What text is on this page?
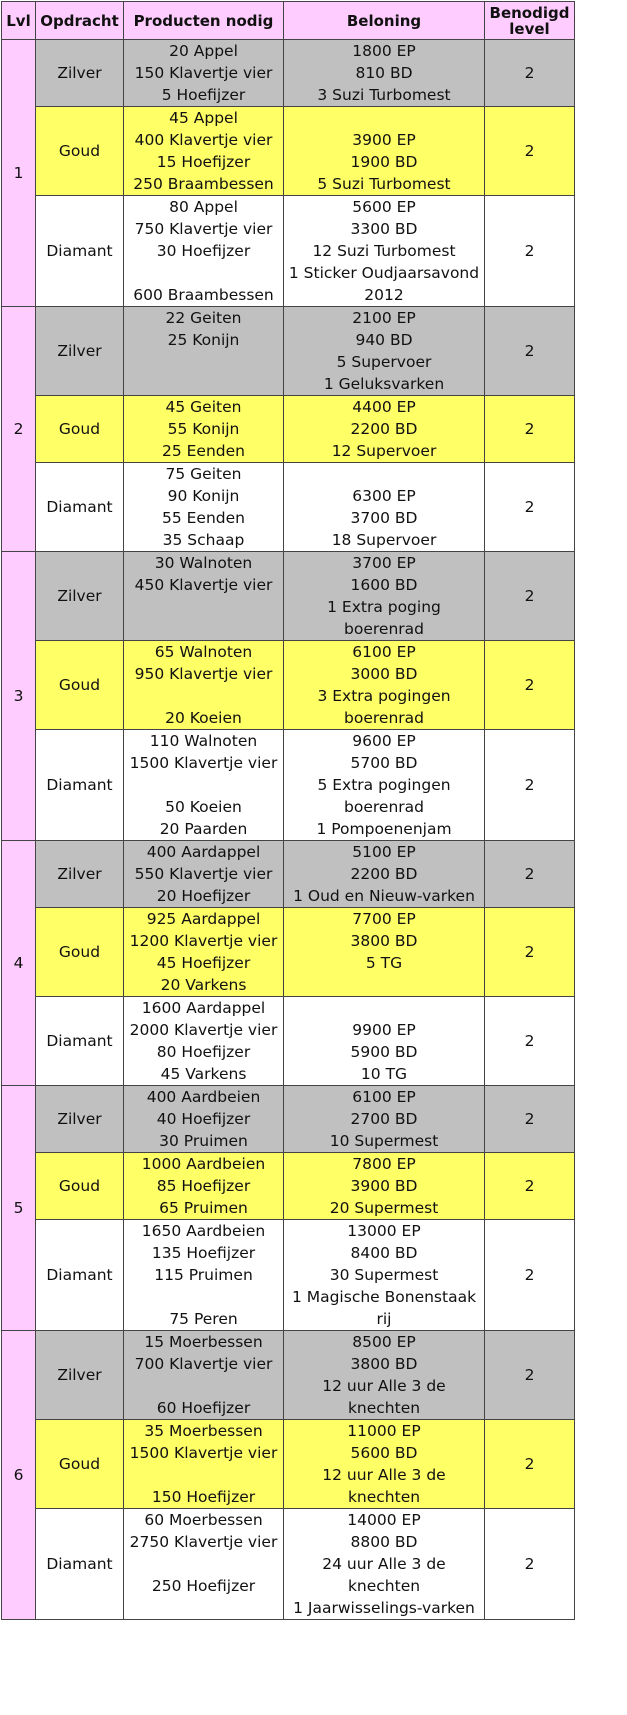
Lvl	Opdracht	Producten nodig	Beloning	Benodigd
level
1	Zilver	20 Appel
150 Klavertje vier
5 Hoefijzer	1800 EP
810 BD
3 Suzi Turbomest	2
	Goud	45 Appel
400 Klavertje vier
15 Hoefijzer
250 Braambessen	3900 EP
1900 BD
5 Suzi Turbomest	2
	Diamant	80 Appel
750 Klavertje vier
30 Hoefijzer
600 Braambessen	5600 EP
3300 BD
12 Suzi Turbomest
1 Sticker Oudjaarsavond
2012	2
2	Zilver	22 Geiten
25 Konijn	2100 EP
940 BD
5 Supervoer
1 Geluksvarken	2
	Goud	45 Geiten
55 Konijn
25 Eenden	4400 EP
2200 BD
12 Supervoer	2
	Diamant	75 Geiten
90 Konijn
55 Eenden
35 Schaap	6300 EP
3700 BD
18 Supervoer	2
3	Zilver	30 Walnoten
450 Klavertje vier	3700 EP
1600 BD
1 Extra poging
boerenrad	2
	Goud	65 Walnoten
950 Klavertje vier
20 Koeien	6100 EP
3000 BD
3 Extra pogingen
boerenrad	2
	Diamant	110 Walnoten
1500 Klavertje vier
50 Koeien
20 Paarden	9600 EP
5700 BD
5 Extra pogingen
boerenrad
1 Pompoenenjam	2
4	Zilver	400 Aardappel
550 Klavertje vier
20 Hoefijzer	5100 EP
2200 BD
1 Oud en Nieuw-varken	2
	Goud	925 Aardappel
1200 Klavertje vier
45 Hoefijzer
20 Varkens	7700 EP
3800 BD
5 TG	2
	Diamant	1600 Aardappel
2000 Klavertje vier
80 Hoefijzer
45 Varkens	9900 EP
5900 BD
10 TG	2
5	Zilver	400 Aardbeien
40 Hoefijzer
30 Pruimen	6100 EP
2700 BD
10 Supermest	2
	Goud	1000 Aardbeien
85 Hoefijzer
65 Pruimen	7800 EP
3900 BD
20 Supermest	2
	Diamant	1650 Aardbeien
135 Hoefijzer
115 Pruimen
75 Peren	13000 EP
8400 BD
30 Supermest
1 Magische Bonenstaak
rij	2
6	Zilver	15 Moerbessen
700 Klavertje vier
60 Hoefijzer	8500 EP
3800 BD
12 uur Alle 3 de
knechten	2
	Goud	35 Moerbessen
1500 Klavertje vier
150 Hoefijzer	11000 EP
5600 BD
12 uur Alle 3 de
knechten	2
	Diamant	60 Moerbessen
2750 Klavertje vier
250 Hoefijzer	14000 EP
8800 BD
24 uur Alle 3 de
knechten
1 Jaarwisselings-varken	2
